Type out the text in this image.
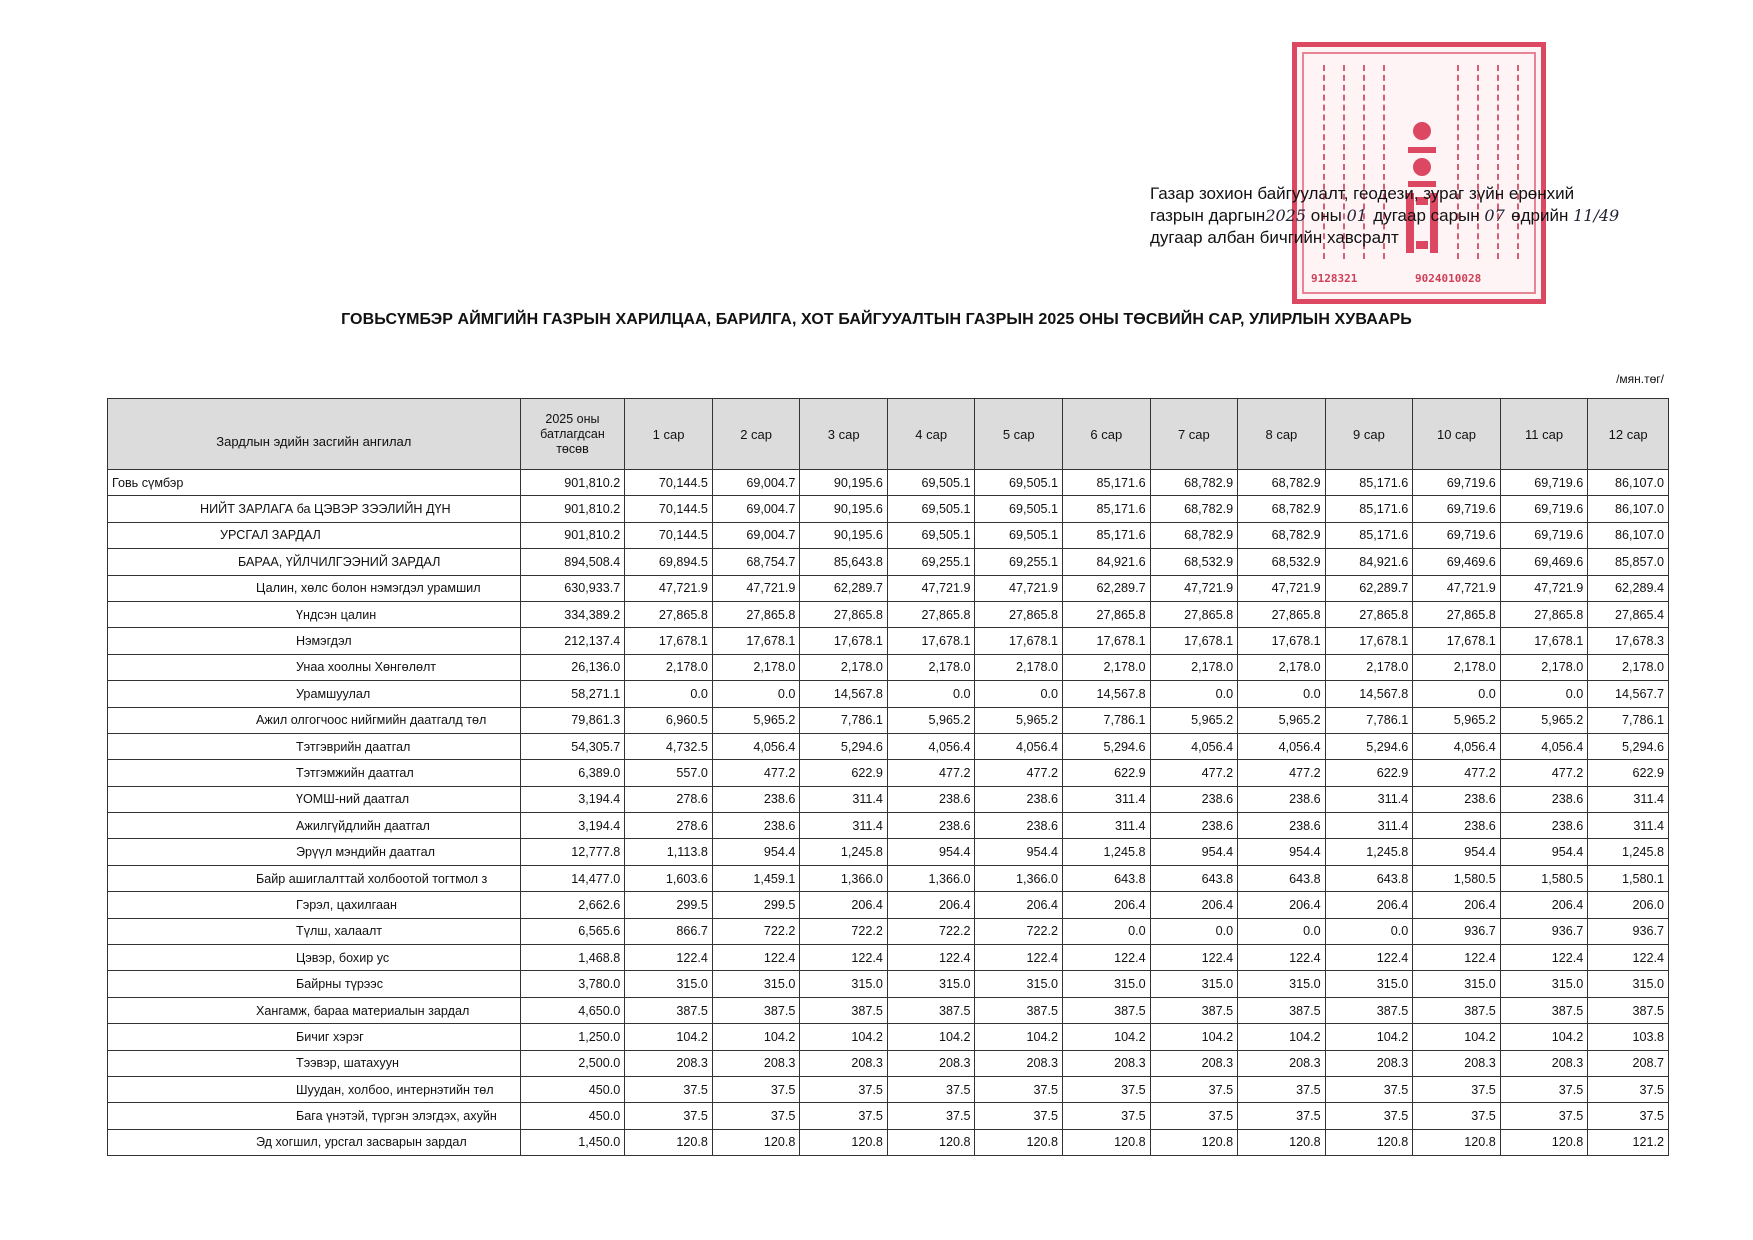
9128321	9024010028
Газар зохион байгуулалт, геодези, зураг зүйн ерөнхий
газрын даргын2025 оны 01 дугаар сарын 07 өдрийн 11/49
дугаар албан бичгийн хавсралт
ГОВЬСҮМБЭР АЙМГИЙН ГАЗРЫН ХАРИЛЦАА, БАРИЛГА, ХОТ БАЙГУУАЛТЫН ГАЗРЫН 2025 ОНЫ ТӨСВИЙН САР, УЛИРЛЫН ХУВААРЬ
/мян.төг/
Зардлын эдийн засгийн ангилал	2025 оны батлагдсан төсөв	1 сар	2 сар	3 сар	4 сар	5 сар	6 сар	7 сар	8 сар	9 сар	10 сар	11 сар	12 сар
Говь сүмбэр	901,810.2	70,144.5	69,004.7	90,195.6	69,505.1	69,505.1	85,171.6	68,782.9	68,782.9	85,171.6	69,719.6	69,719.6	86,107.0
НИЙТ ЗАРЛАГА ба ЦЭВЭР ЗЭЭЛИЙН ДҮН	901,810.2	70,144.5	69,004.7	90,195.6	69,505.1	69,505.1	85,171.6	68,782.9	68,782.9	85,171.6	69,719.6	69,719.6	86,107.0
УРСГАЛ ЗАРДАЛ	901,810.2	70,144.5	69,004.7	90,195.6	69,505.1	69,505.1	85,171.6	68,782.9	68,782.9	85,171.6	69,719.6	69,719.6	86,107.0
БАРАА, ҮЙЛЧИЛГЭЭНИЙ ЗАРДАЛ	894,508.4	69,894.5	68,754.7	85,643.8	69,255.1	69,255.1	84,921.6	68,532.9	68,532.9	84,921.6	69,469.6	69,469.6	85,857.0
Цалин, хөлс болон нэмэгдэл урамшил	630,933.7	47,721.9	47,721.9	62,289.7	47,721.9	47,721.9	62,289.7	47,721.9	47,721.9	62,289.7	47,721.9	47,721.9	62,289.4
Үндсэн цалин	334,389.2	27,865.8	27,865.8	27,865.8	27,865.8	27,865.8	27,865.8	27,865.8	27,865.8	27,865.8	27,865.8	27,865.8	27,865.4
Нэмэгдэл	212,137.4	17,678.1	17,678.1	17,678.1	17,678.1	17,678.1	17,678.1	17,678.1	17,678.1	17,678.1	17,678.1	17,678.1	17,678.3
Унаа хоолны Хөнгөлөлт	26,136.0	2,178.0	2,178.0	2,178.0	2,178.0	2,178.0	2,178.0	2,178.0	2,178.0	2,178.0	2,178.0	2,178.0	2,178.0
Урамшуулал	58,271.1	0.0	0.0	14,567.8	0.0	0.0	14,567.8	0.0	0.0	14,567.8	0.0	0.0	14,567.7
Ажил олгогчоос нийгмийн даатгалд төл	79,861.3	6,960.5	5,965.2	7,786.1	5,965.2	5,965.2	7,786.1	5,965.2	5,965.2	7,786.1	5,965.2	5,965.2	7,786.1
Тэтгэврийн даатгал	54,305.7	4,732.5	4,056.4	5,294.6	4,056.4	4,056.4	5,294.6	4,056.4	4,056.4	5,294.6	4,056.4	4,056.4	5,294.6
Тэтгэмжийн даатгал	6,389.0	557.0	477.2	622.9	477.2	477.2	622.9	477.2	477.2	622.9	477.2	477.2	622.9
ҮОМШ-ний даатгал	3,194.4	278.6	238.6	311.4	238.6	238.6	311.4	238.6	238.6	311.4	238.6	238.6	311.4
Ажилгүйдлийн даатгал	3,194.4	278.6	238.6	311.4	238.6	238.6	311.4	238.6	238.6	311.4	238.6	238.6	311.4
Эрүүл мэндийн даатгал	12,777.8	1,113.8	954.4	1,245.8	954.4	954.4	1,245.8	954.4	954.4	1,245.8	954.4	954.4	1,245.8
Байр ашиглалттай холбоотой тогтмол з	14,477.0	1,603.6	1,459.1	1,366.0	1,366.0	1,366.0	643.8	643.8	643.8	643.8	1,580.5	1,580.5	1,580.1
Гэрэл, цахилгаан	2,662.6	299.5	299.5	206.4	206.4	206.4	206.4	206.4	206.4	206.4	206.4	206.4	206.0
Түлш, халаалт	6,565.6	866.7	722.2	722.2	722.2	722.2	0.0	0.0	0.0	0.0	936.7	936.7	936.7
Цэвэр, бохир ус	1,468.8	122.4	122.4	122.4	122.4	122.4	122.4	122.4	122.4	122.4	122.4	122.4	122.4
Байрны түрээс	3,780.0	315.0	315.0	315.0	315.0	315.0	315.0	315.0	315.0	315.0	315.0	315.0	315.0
Хангамж, бараа материалын зардал	4,650.0	387.5	387.5	387.5	387.5	387.5	387.5	387.5	387.5	387.5	387.5	387.5	387.5
Бичиг хэрэг	1,250.0	104.2	104.2	104.2	104.2	104.2	104.2	104.2	104.2	104.2	104.2	104.2	103.8
Тээвэр, шатахуун	2,500.0	208.3	208.3	208.3	208.3	208.3	208.3	208.3	208.3	208.3	208.3	208.3	208.7
Шуудан, холбоо, интернэтийн төл	450.0	37.5	37.5	37.5	37.5	37.5	37.5	37.5	37.5	37.5	37.5	37.5	37.5
Бага үнэтэй, түргэн элэгдэх, ахуйн	450.0	37.5	37.5	37.5	37.5	37.5	37.5	37.5	37.5	37.5	37.5	37.5	37.5
Эд хогшил, урсгал засварын зардал	1,450.0	120.8	120.8	120.8	120.8	120.8	120.8	120.8	120.8	120.8	120.8	120.8	121.2
